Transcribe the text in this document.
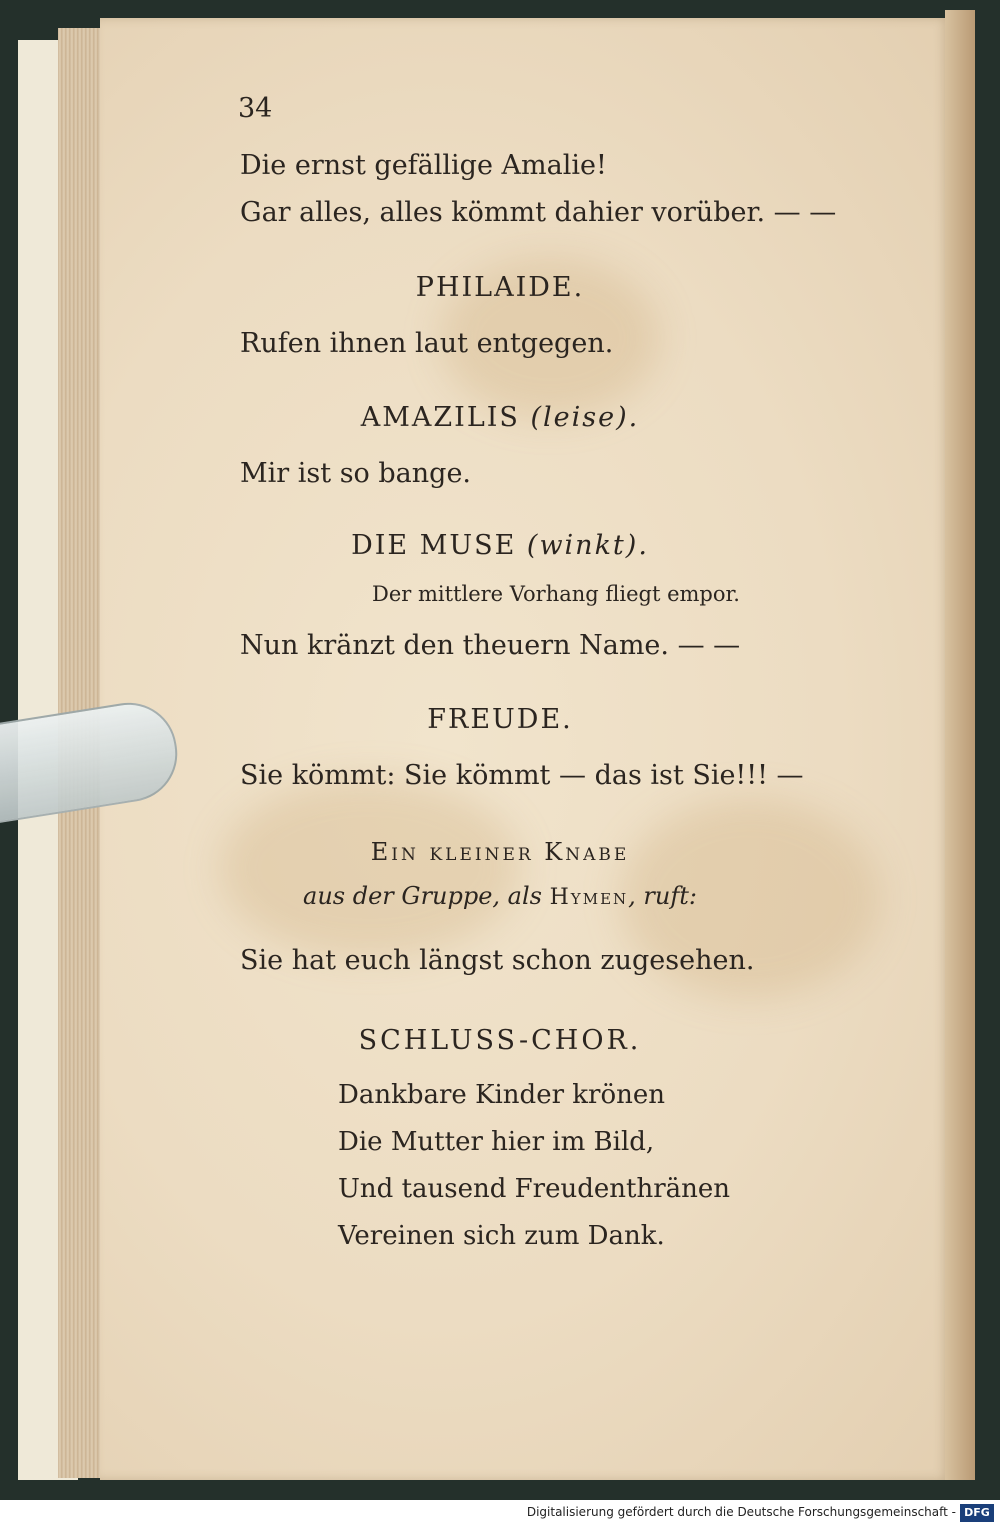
34
Die ernst gefällige Amalie!
Gar alles, alles kömmt dahier vorüber. — —
PHILAIDE.
Rufen ihnen laut entgegen.
AMAZILIS (leise).
Mir ist so bange.
DIE MUSE (winkt).
Der mittlere Vorhang fliegt empor.
Nun kränzt den theuern Name. — —
FREUDE.
Sie kömmt: Sie kömmt — das ist Sie!!! —
Ein kleiner Knabe
aus der Gruppe, als Hymen, ruft:
Sie hat euch längst schon zugesehen.
SCHLUSS-CHOR.
Dankbare Kinder krönen
Die Mutter hier im Bild,
Und tausend Freudenthränen
Vereinen sich zum Dank.
Digitalisierung gefördert durch die Deutsche Forschungsgemeinschaft - DFG
